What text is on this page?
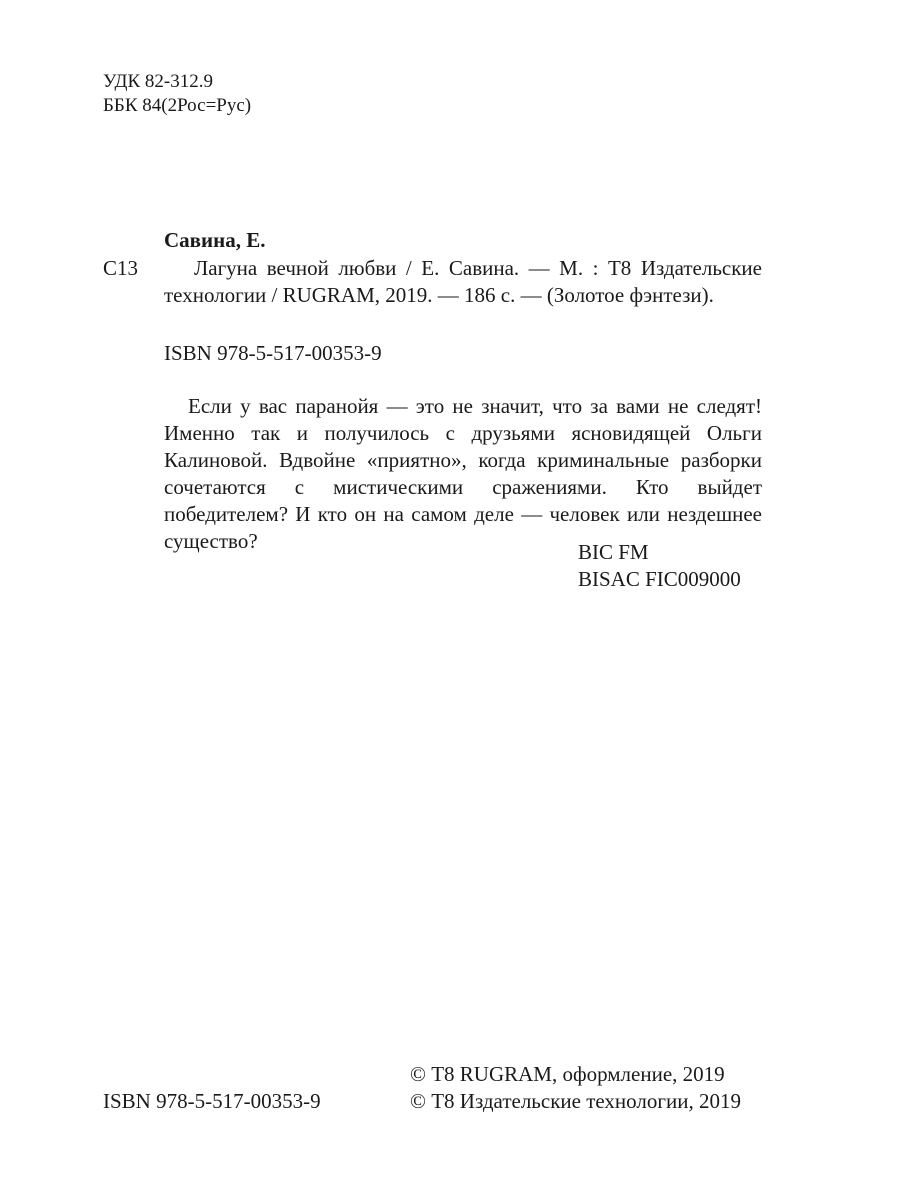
УДК 82-312.9
ББК 84(2Рос=Рус)
Савина, Е.
С13	Лагуна вечной любви / Е. Савина. — М. : Т8 Издательские
технологии / RUGRAM, 2019. — 186 с. — (Золотое фэнтези).
ISBN 978-5-517-00353-9
Если у вас паранойя — это не значит, что за вами не следят! Именно так и получилось с друзьями ясновидящей Ольги Калиновой. Вдвойне «приятно», когда криминальные разборки сочетаются с мистическими сражениями. Кто выйдет победителем? И кто он на самом деле — человек или нездешнее существо?	BIC FM
BISAC FIC009000
© Т8 RUGRAM, оформление, 2019
© Т8 Издательские технологии, 2019
ISBN 978-5-517-00353-9
